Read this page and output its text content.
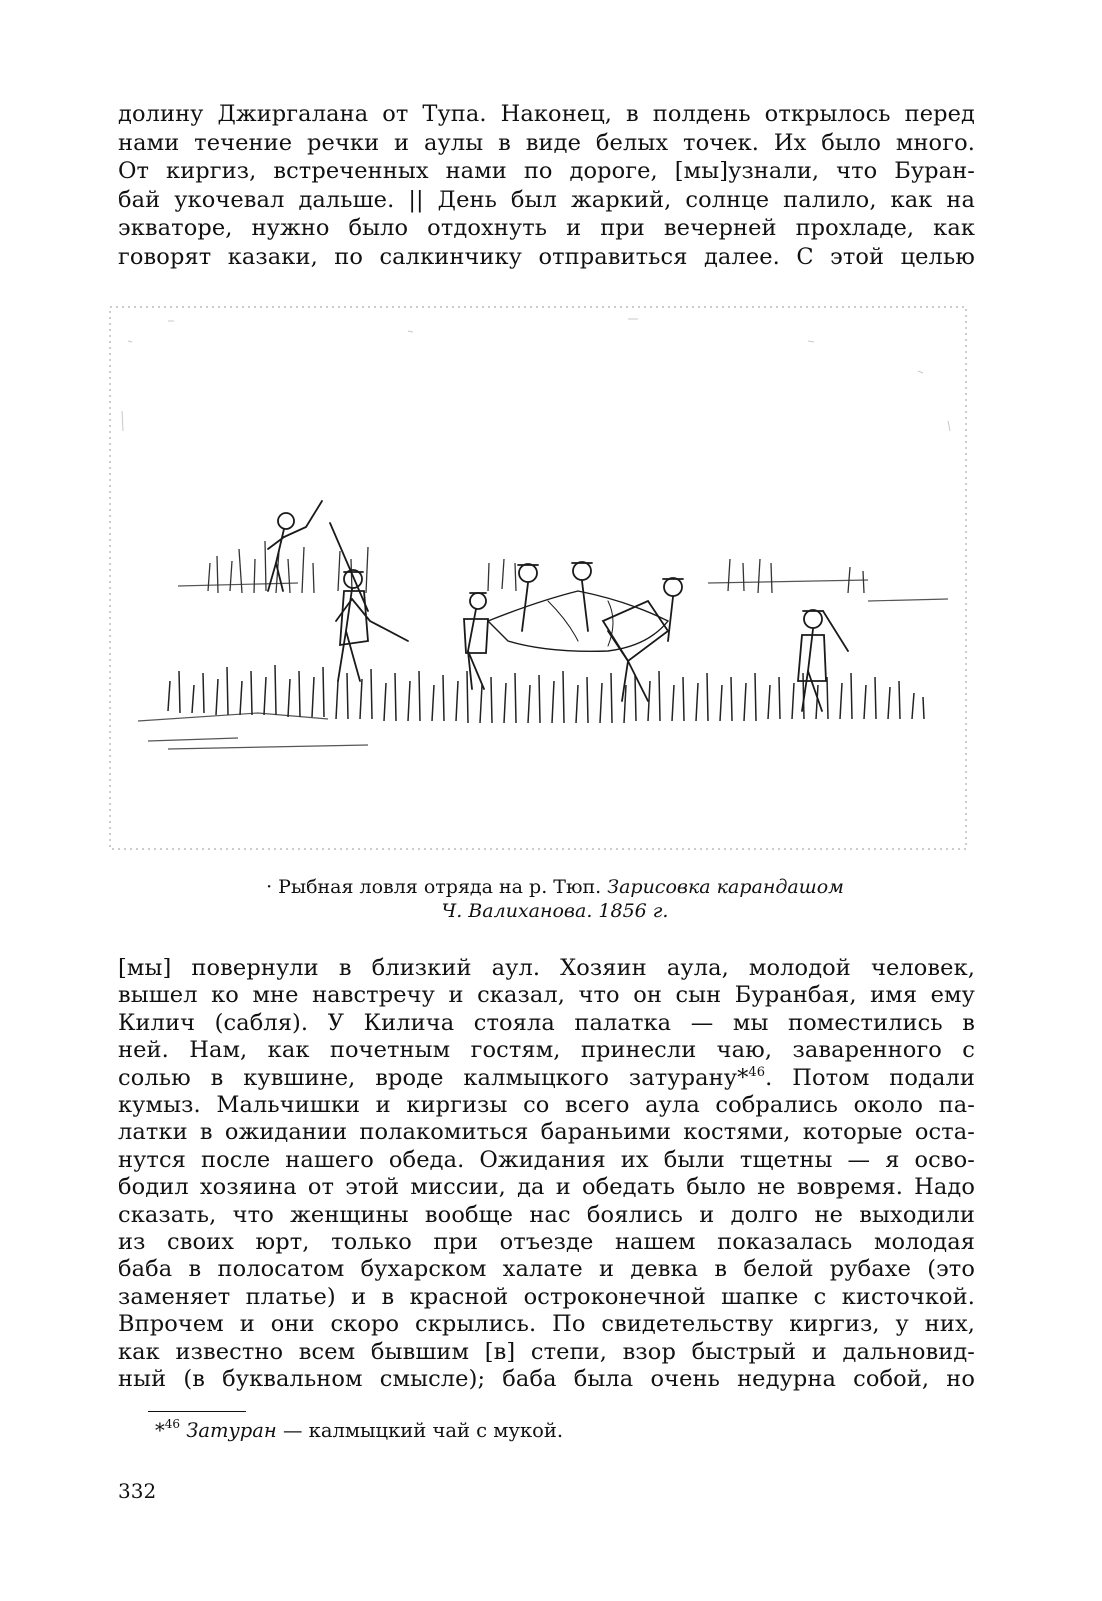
долину Джиргалана от Тупа. Наконец, в полдень открылось перед
нами течение речки и аулы в виде белых точек. Их было много.
От киргиз, встреченных нами по дороге, [мы]узнали, что Буран-
бай укочевал дальше. || День был жаркий, солнце палило, как на
экваторе, нужно было отдохнуть и при вечерней прохладе, как
говорят казаки, по салкинчику отправиться далее. С этой целью
· Рыбная ловля отряда на р. Тюп. Зарисовка карандашом
Ч. Валиханова. 1856 г.
[мы] повернули в близкий аул. Хозяин аула, молодой человек,
вышел ко мне навстречу и сказал, что он сын Буранбая, имя ему
Килич (сабля). У Килича стояла палатка — мы поместились в
ней. Нам, как почетным гостям, принесли чаю, заваренного с
солью в кувшине, вроде калмыцкого затурану*$^{46}$. Потом подали
кумыз. Мальчишки и киргизы со всего аула собрались около па-
латки в ожидании полакомиться бараньими костями, которые оста-
нутся после нашего обеда. Ожидания их были тщетны — я осво-
бодил хозяина от этой миссии, да и обедать было не вовремя. Надо
сказать, что женщины вообще нас боялись и долго не выходили
из своих юрт, только при отъезде нашем показалась молодая
баба в полосатом бухарском халате и девка в белой рубахе (это
заменяет платье) и в красной остроконечной шапке с кисточкой.
Впрочем и они скоро скрылись. По свидетельству киргиз, у них,
как известно всем бывшим [в] степи, взор быстрый и дальновид-
ный (в буквальном смысле); баба была очень недурна собой, но
*$^{46}$ Затуран — калмыцкий чай с мукой.
332
